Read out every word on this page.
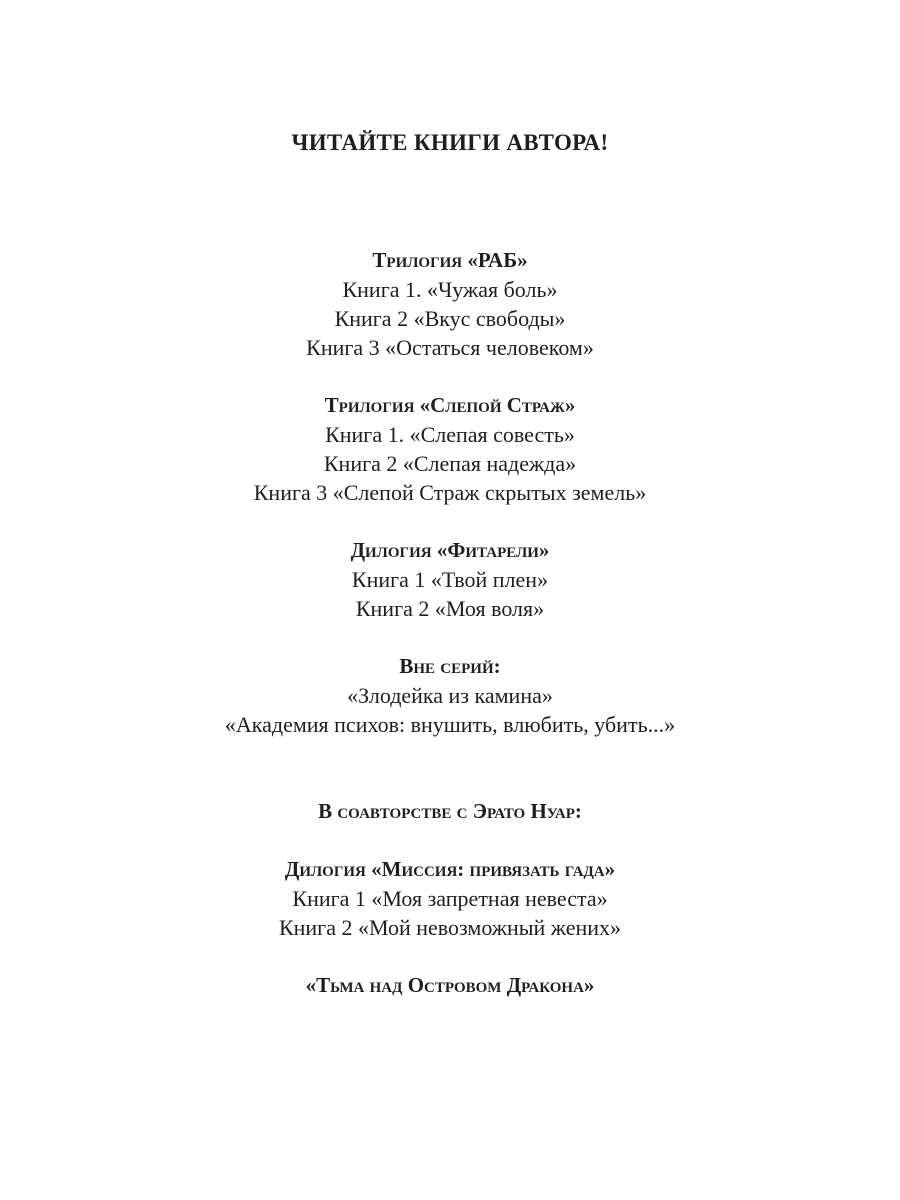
ЧИТАЙТЕ КНИГИ АВТОРА!
Трилогия «РАБ»
Книга 1. «Чужая боль»
Книга 2 «Вкус свободы»
Книга 3 «Остаться человеком»
Трилогия «Слепой Страж»
Книга 1. «Слепая совесть»
Книга 2 «Слепая надежда»
Книга 3 «Слепой Страж скрытых земель»
Дилогия «Фитарели»
Книга 1 «Твой плен»
Книга 2 «Моя воля»
Вне серий:
«Злодейка из камина»
«Академия психов: внушить, влюбить, убить...»
В соавторстве с Эрато Нуар:
Дилогия «Миссия: привязать гада»
Книга 1 «Моя запретная невеста»
Книга 2 «Мой невозможный жених»
«Тьма над Островом Дракона»
